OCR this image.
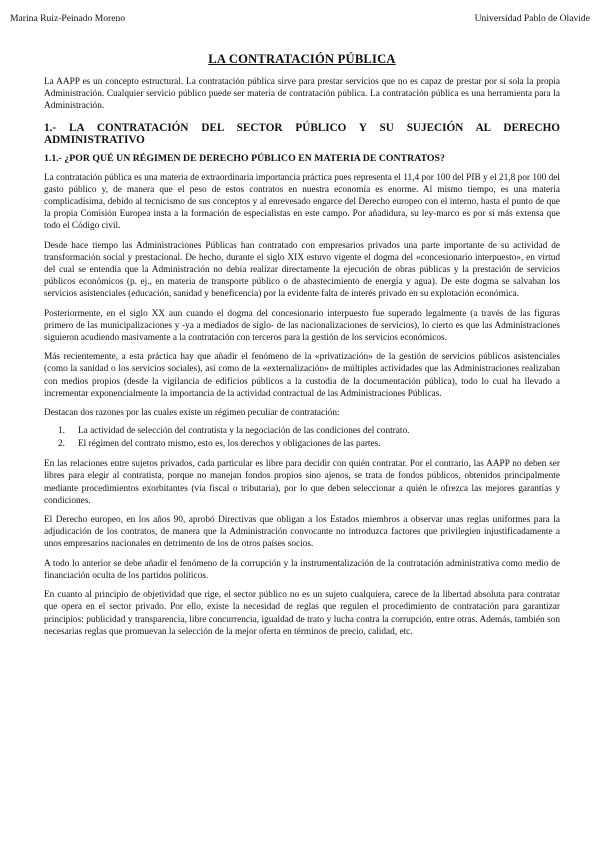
Marina Ruiz-Peinado Moreno	Universidad Pablo de Olavide
LA CONTRATACIÓN PÚBLICA

La AAPP es un concepto estructural. La contratación pública sirve para prestar servicios que no es capaz de prestar por sí sola la propia Administración. Cualquier servicio público puede ser materia de contratación pública. La contratación pública es una herramienta para la Administración.

1.- LA CONTRATACIÓN DEL SECTOR PÚBLICO Y SU SUJECIÓN AL DERECHO ADMINISTRATIVO
1.1.- ¿POR QUÉ UN RÉGIMEN DE DERECHO PÚBLICO EN MATERIA DE CONTRATOS?

La contratación pública es una materia de extraordinaria importancia práctica pues representa el 11,4 por 100 del PIB y el 21,8 por 100 del gasto público y, de manera que el peso de estos contratos en nuestra economía es enorme. Al mismo tiempo, es una materia complicadísima, debido al tecnicismo de sus conceptos y al enrevesado engarce del Derecho europeo con el interno, hasta el punto de que la propia Comisión Europea insta a la formación de especialistas en este campo. Por añadidura, su ley-marco es por sí más extensa que todo el Código civil.

Desde hace tiempo las Administraciones Públicas han contratado con empresarios privados una parte importante de su actividad de transformación social y prestacional. De hecho, durante el siglo XIX estuvo vigente el dogma del «concesionario interpuesto», en virtud del cual se entendía que la Administración no debía realizar directamente la ejecución de obras públicas y la prestación de servicios públicos económicos (p. ej., en materia de transporte público o de abastecimiento de energía y agua). De este dogma se salvaban los servicios asistenciales (educación, sanidad y beneficencia) por la evidente falta de interés privado en su explotación económica.

Posteriormente, en el siglo XX aun cuando el dogma del concesionario interpuesto fue superado legalmente (a través de las figuras primero de las municipalizaciones y -ya a mediados de siglo- de las nacionalizaciones de servicios), lo cierto es que las Administraciones siguieron acudiendo masivamente a la contratación con terceros para la gestión de los servicios económicos.

Más recientemente, a esta práctica hay que añadir el fenómeno de la «privatización» de la gestión de servicios públicos asistenciales (como la sanidad o los servicios sociales), así como de la «externalización» de múltiples actividades que las Administraciones realizaban con medios propios (desde la vigilancia de edificios públicos a la custodia de la documentación pública), todo lo cual ha llevado a incrementar exponencialmente la importancia de la actividad contractual de las Administraciones Públicas.

Destacan dos razones por las cuales existe un régimen peculiar de contratación:

1.	La actividad de selección del contratista y la negociación de las condiciones del contrato.
2.	El régimen del contrato mismo, esto es, los derechos y obligaciones de las partes.

En las relaciones entre sujetos privados, cada particular es libre para decidir con quién contratar. Por el contrario, las AAPP no deben ser libres para elegir al contratista, porque no manejan fondos propios sino ajenos, se trata de fondos públicos, obtenidos principalmente mediante procedimientos exorbitantes (vía fiscal o tributaria), por lo que deben seleccionar a quién le ofrezca las mejores garantías y condiciones.

El Derecho europeo, en los años 90, aprobó Directivas que obligan a los Estados miembros a observar unas reglas uniformes para la adjudicación de los contratos, de manera que la Administración convocante no introduzca factores que privilegien injustificadamente a unos empresarios nacionales en detrimento de los de otros países socios.

A todo lo anterior se debe añadir el fenómeno de la corrupción y la instrumentalización de la contratación administrativa como medio de financiación oculta de los partidos políticos.

En cuanto al principio de objetividad que rige, el sector público no es un sujeto cualquiera, carece de la libertad absoluta para contratar que opera en el sector privado. Por ello, existe la necesidad de reglas que regulen el procedimiento de contratación para garantizar principios: publicidad y transparencia, libre concurrencia, igualdad de trato y lucha contra la corrupción, entre otras. Además, también son necesarias reglas que promuevan la selección de la mejor oferta en términos de precio, calidad, etc.
